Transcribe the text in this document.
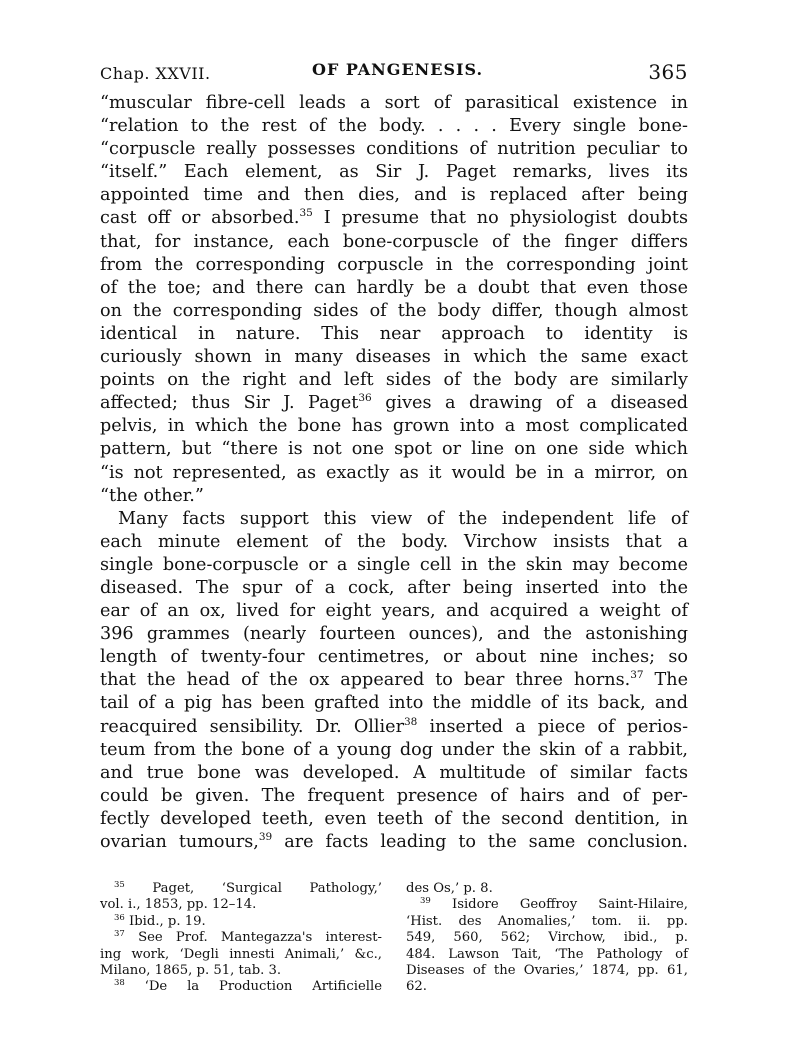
Chap. XXVII.	OF PANGENESIS.	365
“muscular fibre-cell leads a sort of parasitical existence in
“relation to the rest of the body. . . . . Every single bone-
“corpuscle really possesses conditions of nutrition peculiar to
“itself.” Each element, as Sir J. Paget remarks, lives its
appointed time and then dies, and is replaced after being
cast off or absorbed.$^{35}$ I presume that no physiologist doubts
that, for instance, each bone-corpuscle of the finger differs
from the corresponding corpuscle in the corresponding joint
of the toe; and there can hardly be a doubt that even those
on the corresponding sides of the body differ, though almost
identical in nature. This near approach to identity is
curiously shown in many diseases in which the same exact
points on the right and left sides of the body are similarly
affected; thus Sir J. Paget$^{36}$ gives a drawing of a diseased
pelvis, in which the bone has grown into a most complicated
pattern, but “there is not one spot or line on one side which
“is not represented, as exactly as it would be in a mirror, on
“the other.”
Many facts support this view of the independent life of
each minute element of the body. Virchow insists that a
single bone-corpuscle or a single cell in the skin may become
diseased. The spur of a cock, after being inserted into the
ear of an ox, lived for eight years, and acquired a weight of
396 grammes (nearly fourteen ounces), and the astonishing
length of twenty-four centimetres, or about nine inches; so
that the head of the ox appeared to bear three horns.$^{37}$ The
tail of a pig has been grafted into the middle of its back, and
reacquired sensibility. Dr. Ollier$^{38}$ inserted a piece of perios-
teum from the bone of a young dog under the skin of a rabbit,
and true bone was developed. A multitude of similar facts
could be given. The frequent presence of hairs and of per-
fectly developed teeth, even teeth of the second dentition, in
ovarian tumours,$^{39}$ are facts leading to the same conclusion.
$^{35}$ Paget, ‘Surgical Pathology,’
vol. i., 1853, pp. 12–14.
$^{36}$ Ibid., p. 19.
$^{37}$ See Prof. Mantegazza's interest-
ing work, ‘Degli innesti Animali,’ &c.,
Milano, 1865, p. 51, tab. 3.
$^{38}$ ‘De la Production Artificielle
des Os,’ p. 8.
$^{39}$ Isidore Geoffroy Saint-Hilaire,
‘Hist. des Anomalies,’ tom. ii. pp.
549, 560, 562; Virchow, ibid., p.
484. Lawson Tait, ‘The Pathology of
Diseases of the Ovaries,’ 1874, pp. 61,
62.
